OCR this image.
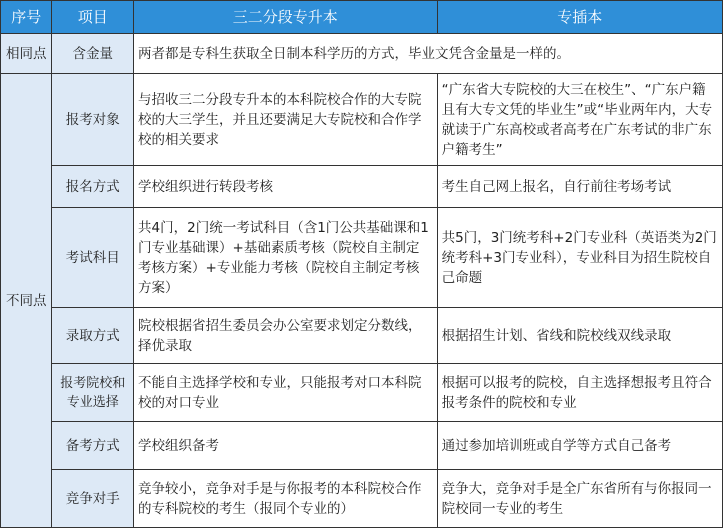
序号	项目	三二分段专升本	专插本
相同点	含金量	两者都是专科生获取全日制本科学历的方式，毕业文凭含金量是一样的。	
不同点	报考对象	与招收三二分段专升本的本科院校合作的大专院校的大三学生，并且还要满足大专院校和合作学校的相关要求	“广东省大专院校的大三在校生”、“广东户籍且有大专文凭的毕业生”或“毕业两年内，大专就读于广东高校或者高考在广东考试的非广东户籍考生”
	报名方式	学校组织进行转段考核	考生自己网上报名，自行前往考场考试
	考试科目	共4门，2门统一考试科目（含1门公共基础课和1门专业基础课）+基础素质考核（院校自主制定考核方案）+专业能力考核（院校自主制定考核方案）	共5门，3门统考科+2门专业科（英语类为2门统考科+3门专业科），专业科目为招生院校自己命题
	录取方式	院校根据省招生委员会办公室要求划定分数线，择优录取	根据招生计划、省线和院校线双线录取
	报考院校和专业选择	不能自主选择学校和专业，只能报考对口本科院校的对口专业	根据可以报考的院校，自主选择想报考且符合报考条件的院校和专业
	备考方式	学校组织备考	通过参加培训班或自学等方式自己备考
	竞争对手	竞争较小，竞争对手是与你报考的本科院校合作的专科院校的考生（报同个专业的）	竞争大，竞争对手是全广东省所有与你报同一院校同一专业的考生
